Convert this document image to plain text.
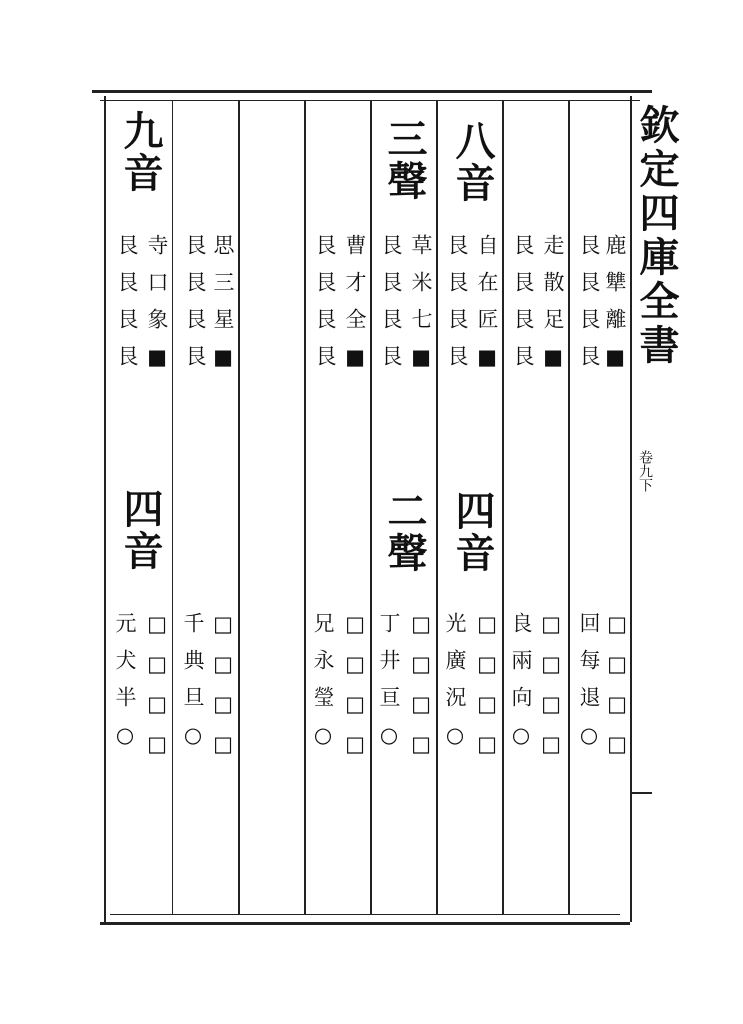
欽定四庫全書
卷九下
鹿犨離■
艮艮艮艮
□□□□
回每退○
走散足■
艮艮艮艮
□□□□
良兩向○
八音
自在匠■
艮艮艮艮
四音
□□□□
光廣況○
三聲
草米七■
艮艮艮艮
二聲
□□□□
丁井亘○
曹才全■
艮艮艮艮
□□□□
兄永瑩○
思三星■
艮艮艮艮
□□□□
千典旦○
九音
寺口象■
艮艮艮艮
四音
□□□□
元犬半○
